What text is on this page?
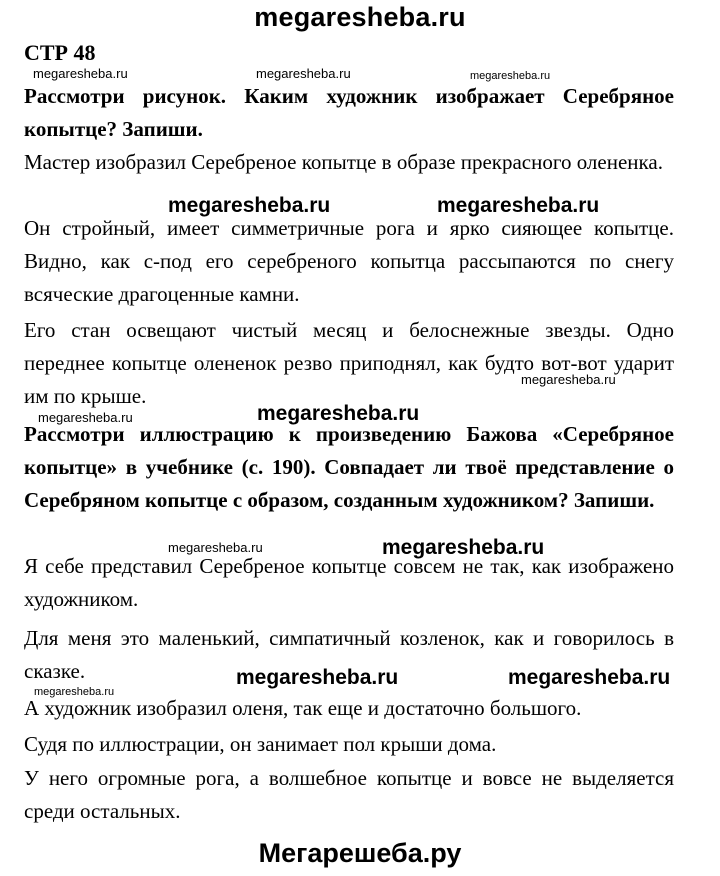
megaresheba.ru
СТР 48
megaresheba.ru	megaresheba.ru	megaresheba.ru
Рассмотри рисунок. Каким художник изображает Серебряное копытце? Запиши.
Мастер изобразил Серебреное копытце в образе прекрасного олененка.
megaresheba.ru	megaresheba.ru
Он стройный, имеет симметричные рога и ярко сияющее копытце. Видно, как с-под его серебреного копытца рассыпаются по снегу всяческие драгоценные камни.
Его стан освещают чистый месяц и белоснежные звезды. Одно переднее копытце олененок резво приподнял, как будто вот-вот ударит им по крыше.
megaresheba.ru
megaresheba.ru	megaresheba.ru
Рассмотри иллюстрацию к произведению Бажова «Серебряное копытце» в учебнике (с. 190). Совпадает ли твоё представление о Серебряном копытце с образом, созданным художником? Запиши.
megaresheba.ru	megaresheba.ru
Я себе представил Серебреное копытце совсем не так, как изображено художником.
Для меня это маленький, симпатичный козленок, как и говорилось в сказке.	megaresheba.ru	megaresheba.ru
megaresheba.ru
А художник изобразил оленя, так еще и достаточно большого.
Судя по иллюстрации, он занимает пол крыши дома.
У него огромные рога, а волшебное копытце и вовсе не выделяется среди остальных.
Мегарешеба.ру
